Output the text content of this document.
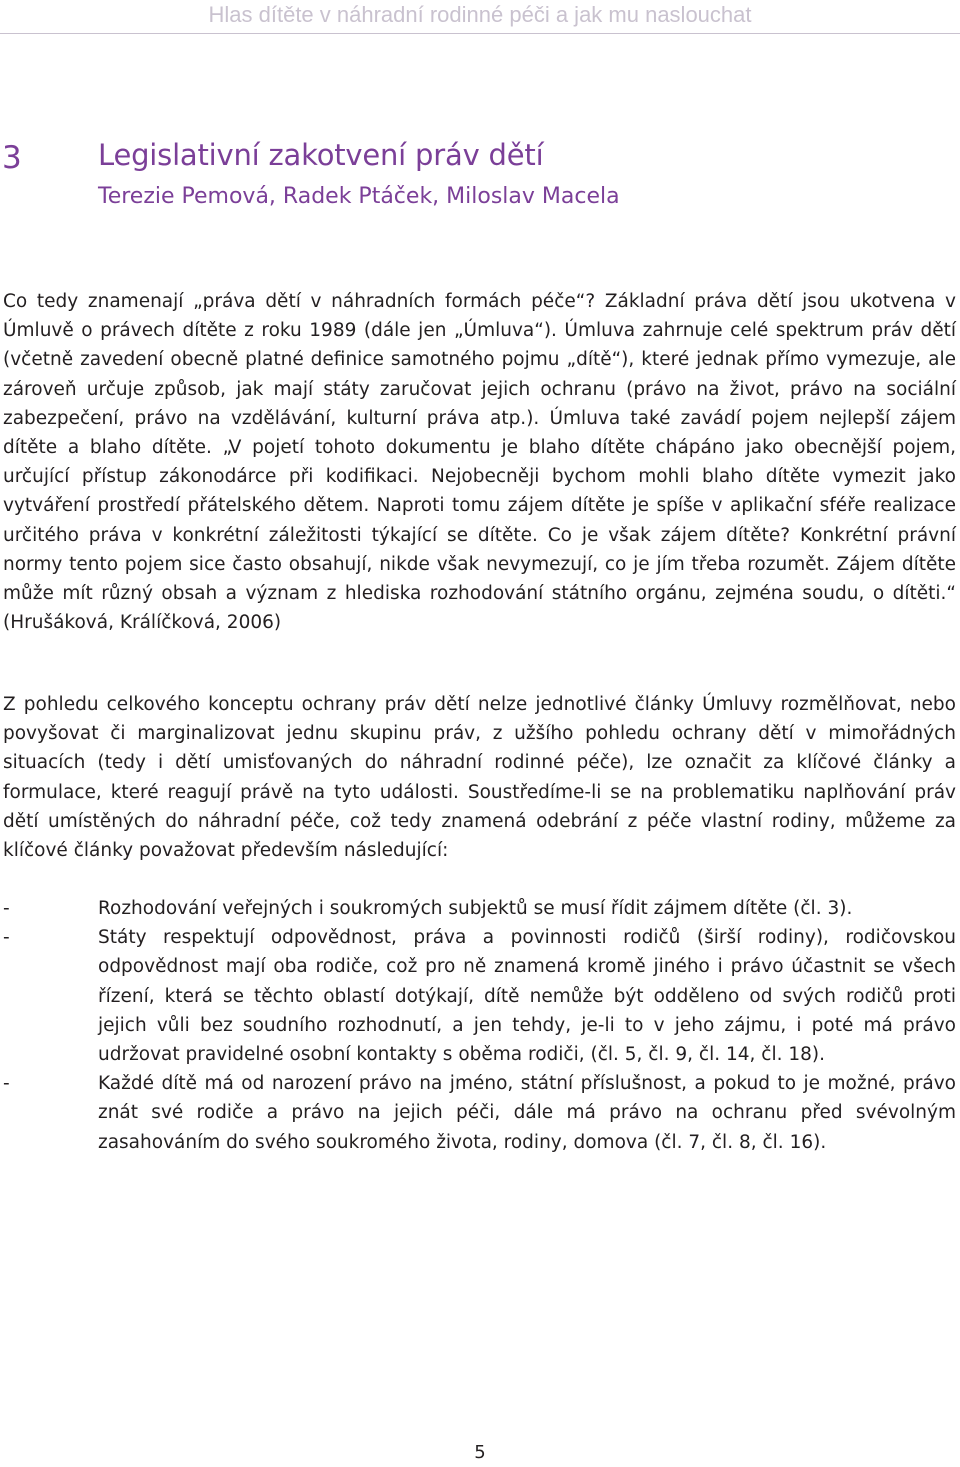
Hlas dítěte v náhradní rodinné péči a jak mu naslouchat
3	Legislativní zakotvení práv dětí
Terezie Pemová, Radek Ptáček, Miloslav Macela

Co tedy znamenají „práva dětí v náhradních formách péče“? Základní práva dětí jsou ukotvena v Úmluvě o právech dítěte z roku 1989 (dále jen „Úmluva“). Úmluva zahrnuje celé spektrum práv dětí (včetně zavedení obecně platné definice samotného pojmu „dítě“), které jednak přímo vymezuje, ale zároveň určuje způsob, jak mají státy zaručovat jejich ochranu (právo na život, právo na sociální zabezpečení, právo na vzdělávání, kulturní práva atp.). Úmluva také zavádí pojem nejlepší zájem dítěte a blaho dítěte. „V pojetí tohoto dokumentu je blaho dítěte chápáno jako obecnější pojem, určující přístup zákonodárce při kodifikaci. Nejobecněji bychom mohli blaho dítěte vymezit jako vytváření prostředí přátelského dětem. Naproti tomu zájem dítěte je spíše v aplikační sféře realizace určitého práva v konkrétní záležitosti týkající se dítěte. Co je však zájem dítěte? Konkrétní právní normy tento pojem sice často obsahují, nikde však nevymezují, co je jím třeba rozumět. Zájem dítěte může mít různý obsah a význam z hlediska rozhodování státního orgánu, zejména soudu, o dítěti.“ (Hrušáková, Králíčková, 2006)

Z pohledu celkového konceptu ochrany práv dětí nelze jednotlivé články Úmluvy rozmělňovat, nebo povyšovat či marginalizovat jednu skupinu práv, z užšího pohledu ochrany dětí v mimořádných situacích (tedy i dětí umisťovaných do náhradní rodinné péče), lze označit za klíčové články a formulace, které reagují právě na tyto události. Soustředíme-li se na problematiku naplňování práv dětí umístěných do náhradní péče, což tedy znamená odebrání z péče vlastní rodiny, můžeme za klíčové články považovat především následující:

-	Rozhodování veřejných i soukromých subjektů se musí řídit zájmem dítěte (čl. 3).
-	Státy respektují odpovědnost, práva a povinnosti rodičů (širší rodiny), rodičovskou odpovědnost mají oba rodiče, což pro ně znamená kromě jiného i právo účastnit se všech řízení, která se těchto oblastí dotýkají, dítě nemůže být odděleno od svých rodičů proti jejich vůli bez soudního rozhodnutí, a jen tehdy, je-li to v jeho zájmu, i poté má právo udržovat pravidelné osobní kontakty s oběma rodiči, (čl. 5, čl. 9, čl. 14, čl. 18).
-	Každé dítě má od narození právo na jméno, státní příslušnost, a pokud to je možné, právo znát své rodiče a právo na jejich péči, dále má právo na ochranu před svévolným zasahováním do svého soukromého života, rodiny, domova (čl. 7, čl. 8, čl. 16).
5
